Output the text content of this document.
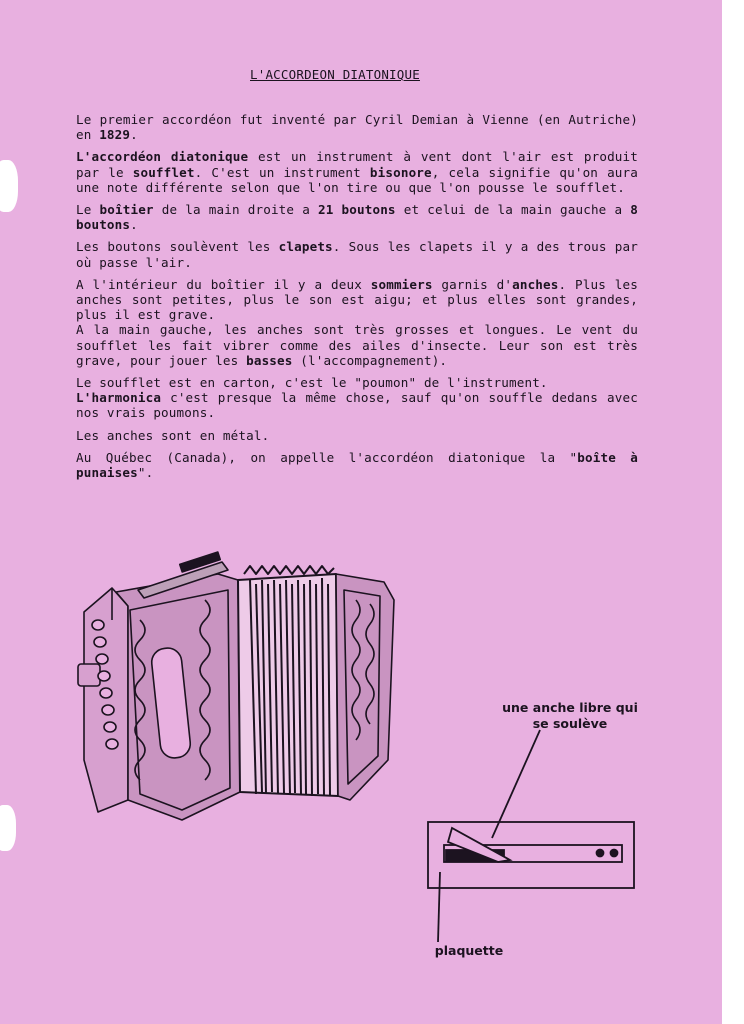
L'ACCORDEON DIATONIQUE

Le premier accordéon fut inventé par Cyril Demian à Vienne (en Autriche) en 1829.

L'accordéon diatonique est un instrument à vent dont l'air est produit par le soufflet. C'est un instrument bisonore, cela signifie qu'on aura une note différente selon que l'on tire ou que l'on pousse le soufflet.

Le boîtier de la main droite a 21 boutons et celui de la main gauche a 8 boutons.

Les boutons soulèvent les clapets. Sous les clapets il y a des trous par où passe l'air.

A l'intérieur du boîtier il y a deux sommiers garnis d'anches. Plus les anches sont petites, plus le son est aigu; et plus elles sont grandes, plus il est grave.

A la main gauche, les anches sont très grosses et longues. Le vent du soufflet les fait vibrer comme des ailes d'insecte. Leur son est très grave, pour jouer les basses (l'accompagnement).

Le soufflet est en carton, c'est le "poumon" de l'instrument.

L'harmonica c'est presque la même chose, sauf qu'on souffle dedans avec nos vrais poumons.

Les anches sont en métal.

Au Québec (Canada), on appelle l'accordéon diatonique la "boîte à punaises".

une anche libre qui se soulève
plaquette
